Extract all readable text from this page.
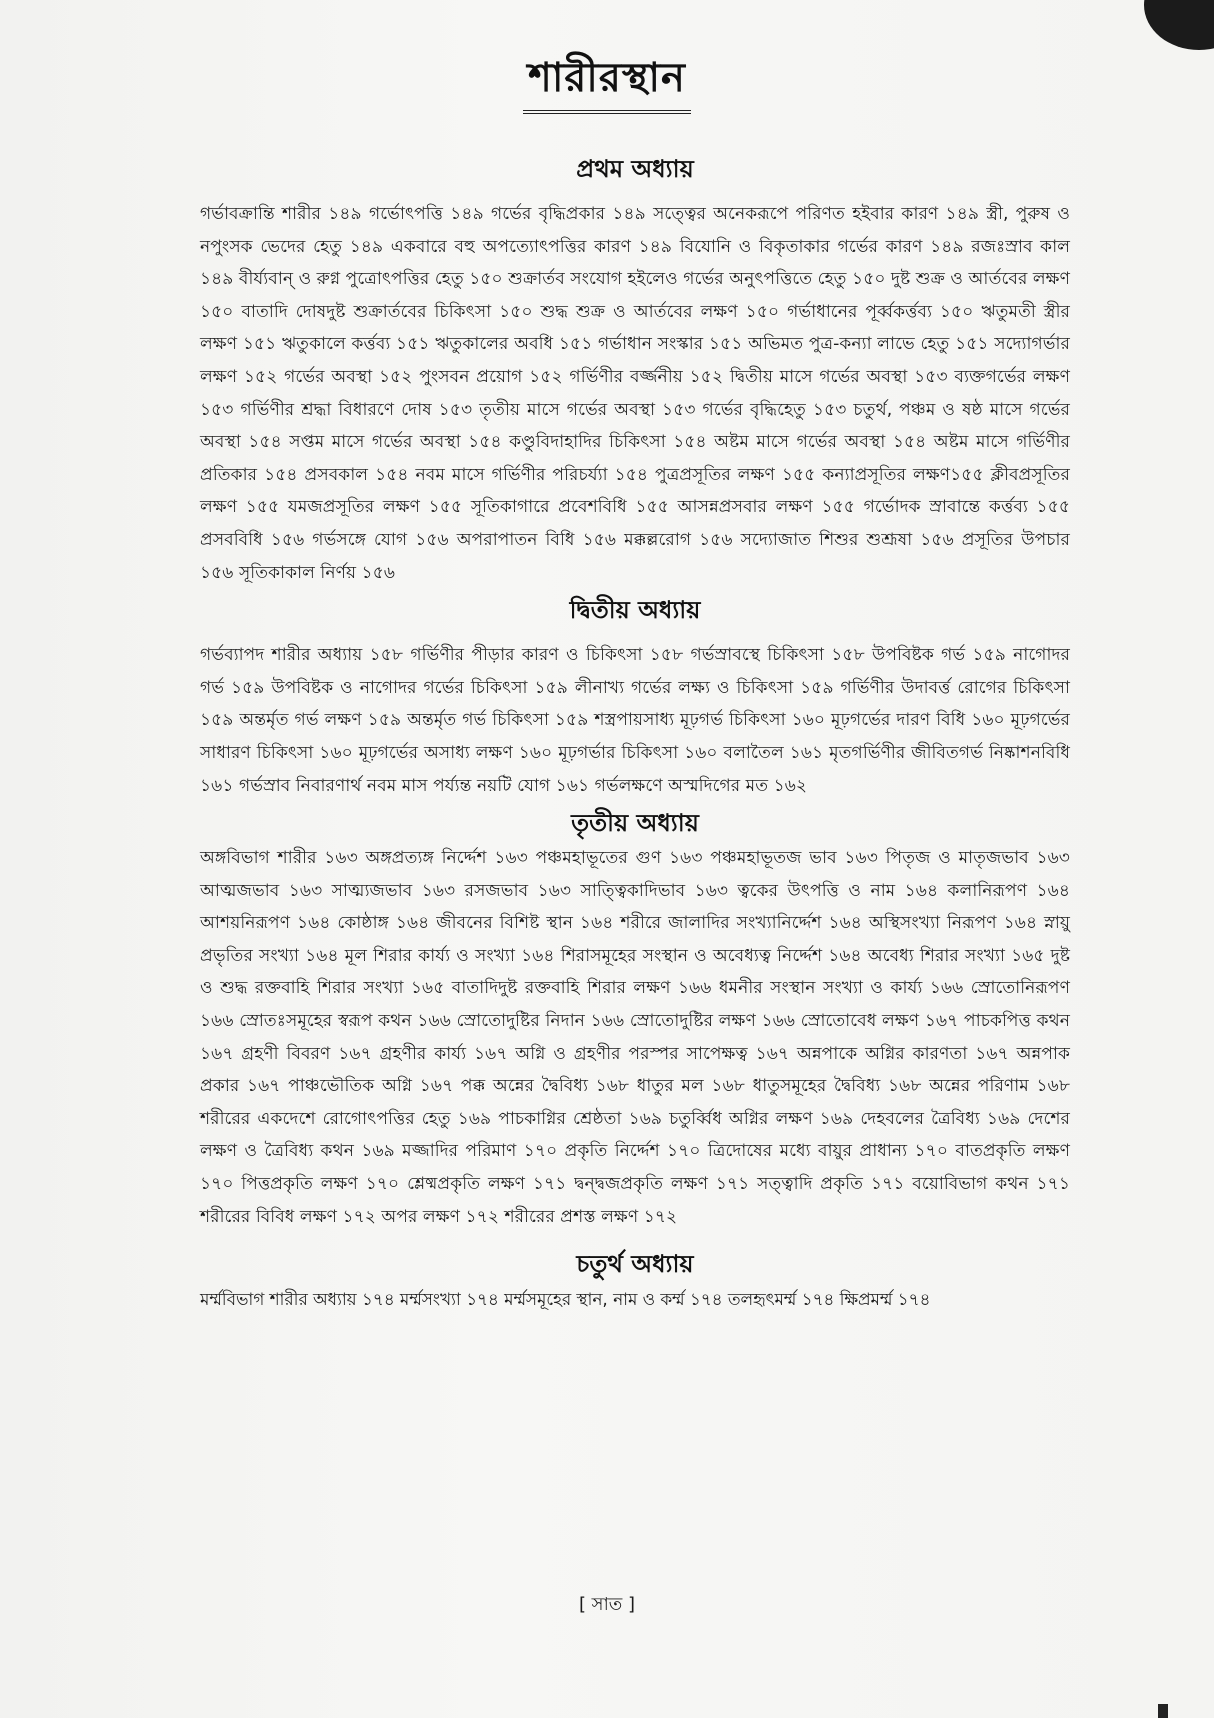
শারীরস্থান
প্রথম অধ্যায়
গর্ভাবক্রান্তি শারীর ১৪৯ গর্ভোৎপত্তি ১৪৯ গর্ভের বৃদ্ধিপ্রকার ১৪৯ সত্ত্বের অনেকরূপে পরিণত হইবার কারণ ১৪৯ স্ত্রী, পুরুষ ও নপুংসক ভেদের হেতু ১৪৯ একবারে বহু অপত্যোৎপত্তির কারণ ১৪৯ বিযোনি ও বিকৃতাকার গর্ভের কারণ ১৪৯ রজঃস্রাব কাল ১৪৯ বীর্য্যবান্ ও রুগ্ন পুত্রোৎপত্তির হেতু ১৫০ শুক্রার্তব সংযোগ হইলেও গর্ভের অনুৎপত্তিতে হেতু ১৫০ দুষ্ট শুক্র ও আর্তবের লক্ষণ ১৫০ বাতাদি দোষদুষ্ট শুক্রার্তবের চিকিৎসা ১৫০ শুদ্ধ শুক্র ও আর্তবের লক্ষণ ১৫০ গর্ভাধানের পূর্ব্বকর্ত্তব্য ১৫০ ঋতুমতী স্ত্রীর লক্ষণ ১৫১ ঋতুকালে কর্ত্তব্য ১৫১ ঋতুকালের অবধি ১৫১ গর্ভাধান সংস্কার ১৫১ অভিমত পুত্র-কন্যা লাভে হেতু ১৫১ সদ্যোগর্ভার লক্ষণ ১৫২ গর্ভের অবস্থা ১৫২ পুংসবন প্রয়োগ ১৫২ গর্ভিণীর বর্জ্জনীয় ১৫২ দ্বিতীয় মাসে গর্ভের অবস্থা ১৫৩ ব্যক্তগর্ভের লক্ষণ ১৫৩ গর্ভিণীর শ্রদ্ধা বিধারণে দোষ ১৫৩ তৃতীয় মাসে গর্ভের অবস্থা ১৫৩ গর্ভের বৃদ্ধিহেতু ১৫৩ চতুর্থ, পঞ্চম ও ষষ্ঠ মাসে গর্ভের অবস্থা ১৫৪ সপ্তম মাসে গর্ভের অবস্থা ১৫৪ কণ্ডুবিদাহাদির চিকিৎসা ১৫৪ অষ্টম মাসে গর্ভের অবস্থা ১৫৪ অষ্টম মাসে গর্ভিণীর প্রতিকার ১৫৪ প্রসবকাল ১৫৪ নবম মাসে গর্ভিণীর পরিচর্য্যা ১৫৪ পুত্রপ্রসূতির লক্ষণ ১৫৫ কন্যাপ্রসূতির লক্ষণ১৫৫ ক্লীবপ্রসূতির লক্ষণ ১৫৫ যমজপ্রসূতির লক্ষণ ১৫৫ সূতিকাগারে প্রবেশবিধি ১৫৫ আসন্নপ্রসবার লক্ষণ ১৫৫ গর্ভোদক স্রাবান্তে কর্ত্তব্য ১৫৫ প্রসববিধি ১৫৬ গর্ভসঙ্গে যোগ ১৫৬ অপরাপাতন বিধি ১৫৬ মক্কল্লরোগ ১৫৬ সদ্যোজাত শিশুর শুশ্রূষা ১৫৬ প্রসূতির উপচার ১৫৬ সূতিকাকাল নির্ণয় ১৫৬
দ্বিতীয় অধ্যায়
গর্ভব্যাপদ শারীর অধ্যায় ১৫৮ গর্ভিণীর পীড়ার কারণ ও চিকিৎসা ১৫৮ গর্ভস্রাবস্থে চিকিৎসা ১৫৮ উপবিষ্টক গর্ভ ১৫৯ নাগোদর গর্ভ ১৫৯ উপবিষ্টক ও নাগোদর গর্ভের চিকিৎসা ১৫৯ লীনাখ্য গর্ভের লক্ষ্য ও চিকিৎসা ১৫৯ গর্ভিণীর উদাবর্ত্ত রোগের চিকিৎসা ১৫৯ অন্তর্মৃত গর্ভ লক্ষণ ১৫৯ অন্তর্মৃত গর্ভ চিকিৎসা ১৫৯ শস্ত্রপায়সাধ্য মূঢ়গর্ভ চিকিৎসা ১৬০ মূঢ়গর্ভের দারণ বিধি ১৬০ মূঢ়গর্ভের সাধারণ চিকিৎসা ১৬০ মূঢ়গর্ভের অসাধ্য লক্ষণ ১৬০ মূঢ়গর্ভার চিকিৎসা ১৬০ বলাতৈল ১৬১ মৃতগর্ভিণীর জীবিতগর্ভ নিষ্কাশনবিধি ১৬১ গর্ভস্রাব নিবারণার্থ নবম মাস পর্য্যন্ত নয়টি যোগ ১৬১ গর্ভলক্ষণে অস্মদিগের মত ১৬২
তৃতীয় অধ্যায়
অঙ্গবিভাগ শারীর ১৬৩ অঙ্গপ্রত্যঙ্গ নির্দ্দেশ ১৬৩ পঞ্চমহাভূতের গুণ ১৬৩ পঞ্চমহাভূতজ ভাব ১৬৩ পিতৃজ ও মাতৃজভাব ১৬৩ আত্মজভাব ১৬৩ সাত্ম্যজভাব ১৬৩ রসজভাব ১৬৩ সাত্ত্বিকাদিভাব ১৬৩ ত্বকের উৎপত্তি ও নাম ১৬৪ কলানিরূপণ ১৬৪ আশয়নিরূপণ ১৬৪ কোষ্ঠাঙ্গ ১৬৪ জীবনের বিশিষ্ট স্থান ১৬৪ শরীরে জালাদির সংখ্যানির্দ্দেশ ১৬৪ অস্থিসংখ্যা নিরূপণ ১৬৪ স্নায়ু প্রভৃতির সংখ্যা ১৬৪ মূল শিরার কার্য্য ও সংখ্যা ১৬৪ শিরাসমূহের সংস্থান ও অবেধ্যত্ব নির্দ্দেশ ১৬৪ অবেধ্য শিরার সংখ্যা ১৬৫ দুষ্ট ও শুদ্ধ রক্তবাহি শিরার সংখ্যা ১৬৫ বাতাদিদুষ্ট রক্তবাহি শিরার লক্ষণ ১৬৬ ধমনীর সংস্থান সংখ্যা ও কার্য্য ১৬৬ স্রোতোনিরূপণ ১৬৬ স্রোতঃসমূহের স্বরূপ কথন ১৬৬ স্রোতোদুষ্টির নিদান ১৬৬ স্রোতোদুষ্টির লক্ষণ ১৬৬ স্রোতোবেধ লক্ষণ ১৬৭ পাচকপিত্ত কথন ১৬৭ গ্রহণী বিবরণ ১৬৭ গ্রহণীর কার্য্য ১৬৭ অগ্নি ও গ্রহণীর পরস্পর সাপেক্ষত্ব ১৬৭ অন্নপাকে অগ্নির কারণতা ১৬৭ অন্নপাক প্রকার ১৬৭ পাঞ্চভৌতিক অগ্নি ১৬৭ পক্ক অন্নের দ্বৈবিধ্য ১৬৮ ধাতুর মল ১৬৮ ধাতুসমূহের দ্বৈবিধ্য ১৬৮ অন্নের পরিণাম ১৬৮ শরীরের একদেশে রোগোৎপত্তির হেতু ১৬৯ পাচকাগ্নির শ্রেষ্ঠতা ১৬৯ চতুর্ব্বিধ অগ্নির লক্ষণ ১৬৯ দেহবলের ত্রৈবিধ্য ১৬৯ দেশের লক্ষণ ও ত্রৈবিধ্য কথন ১৬৯ মজ্জাদির পরিমাণ ১৭০ প্রকৃতি নির্দ্দেশ ১৭০ ত্রিদোষের মধ্যে বায়ুর প্রাধান্য ১৭০ বাতপ্রকৃতি লক্ষণ ১৭০ পিত্তপ্রকৃতি লক্ষণ ১৭০ শ্লেষ্মপ্রকৃতি লক্ষণ ১৭১ দ্বন্দ্বজপ্রকৃতি লক্ষণ ১৭১ সত্ত্বাদি প্রকৃতি ১৭১ বয়োবিভাগ কথন ১৭১ শরীরের বিবিধ লক্ষণ ১৭২ অপর লক্ষণ ১৭২ শরীরের প্রশস্ত লক্ষণ ১৭২
চতুর্থ অধ্যায়
মর্ম্মবিভাগ শারীর অধ্যায় ১৭৪ মর্ম্মসংখ্যা ১৭৪ মর্ম্মসমূহের স্থান, নাম ও কর্ম্ম ১৭৪ তলহৃৎমর্ম্ম ১৭৪ ক্ষিপ্রমর্ম্ম ১৭৪
[ সাত ]
